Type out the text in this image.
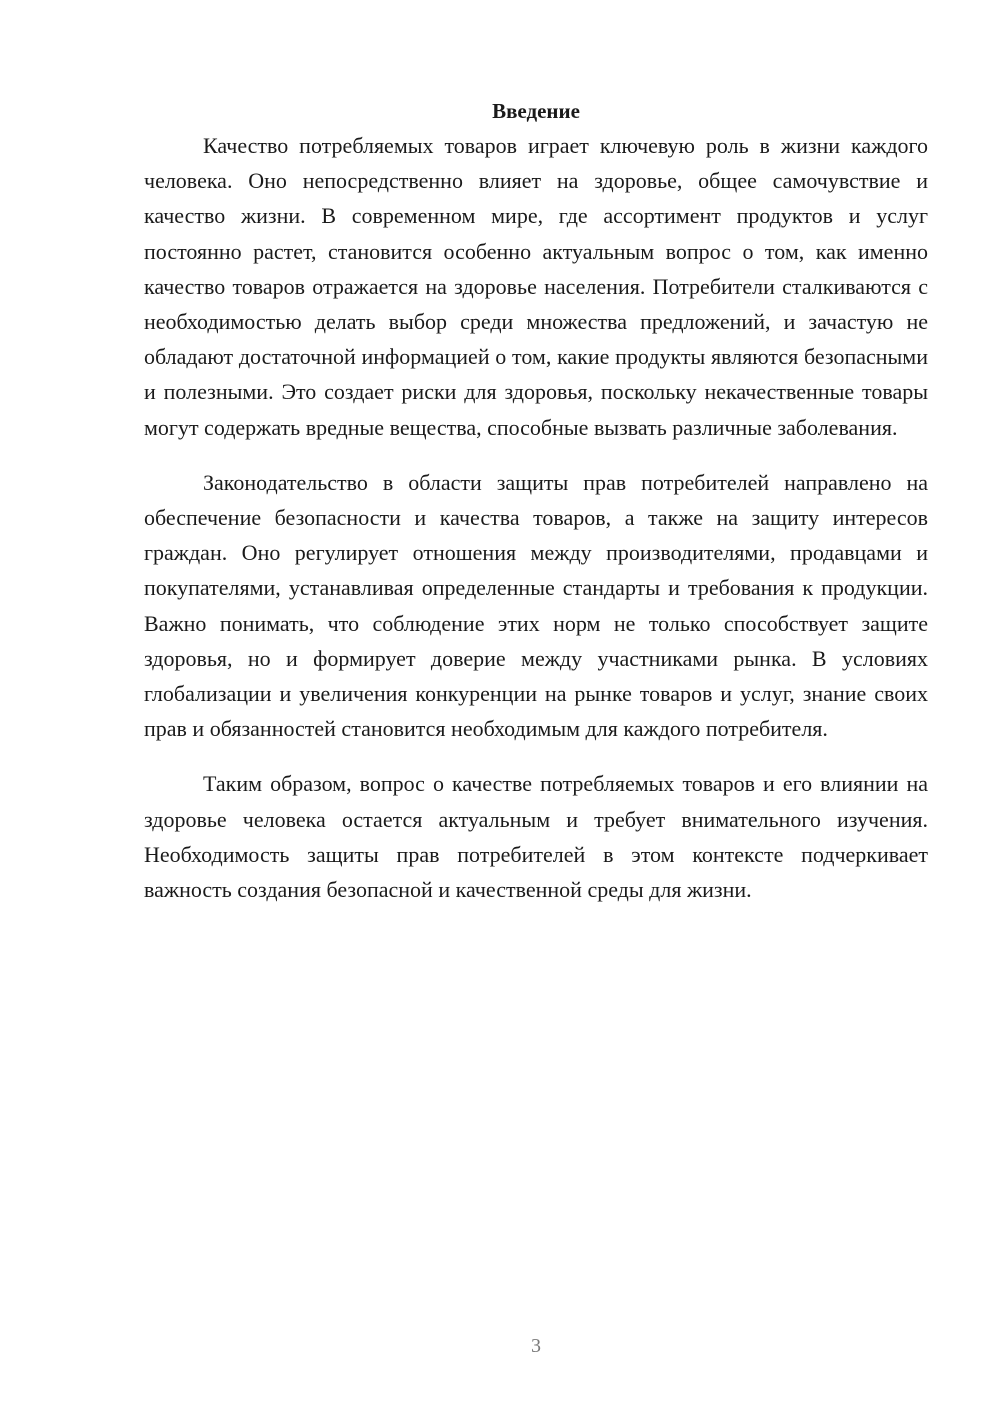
Введение

Качество потребляемых товаров играет ключевую роль в жизни каждого человека. Оно непосредственно влияет на здоровье, общее самочувствие и качество жизни. В современном мире, где ассортимент продуктов и услуг постоянно растет, становится особенно актуальным вопрос о том, как именно качество товаров отражается на здоровье населения. Потребители сталкиваются с необходимостью делать выбор среди множества предложений, и зачастую не обладают достаточной информацией о том, какие продукты являются безопасными и полезными. Это создает риски для здоровья, поскольку некачественные товары могут содержать вредные вещества, способные вызвать различные заболевания.

Законодательство в области защиты прав потребителей направлено на обеспечение безопасности и качества товаров, а также на защиту интересов граждан. Оно регулирует отношения между производителями, продавцами и покупателями, устанавливая определенные стандарты и требования к продукции. Важно понимать, что соблюдение этих норм не только способствует защите здоровья, но и формирует доверие между участниками рынка. В условиях глобализации и увеличения конкуренции на рынке товаров и услуг, знание своих прав и обязанностей становится необходимым для каждого потребителя.

Таким образом, вопрос о качестве потребляемых товаров и его влиянии на здоровье человека остается актуальным и требует внимательного изучения. Необходимость защиты прав потребителей в этом контексте подчеркивает важность создания безопасной и качественной среды для жизни.

3
